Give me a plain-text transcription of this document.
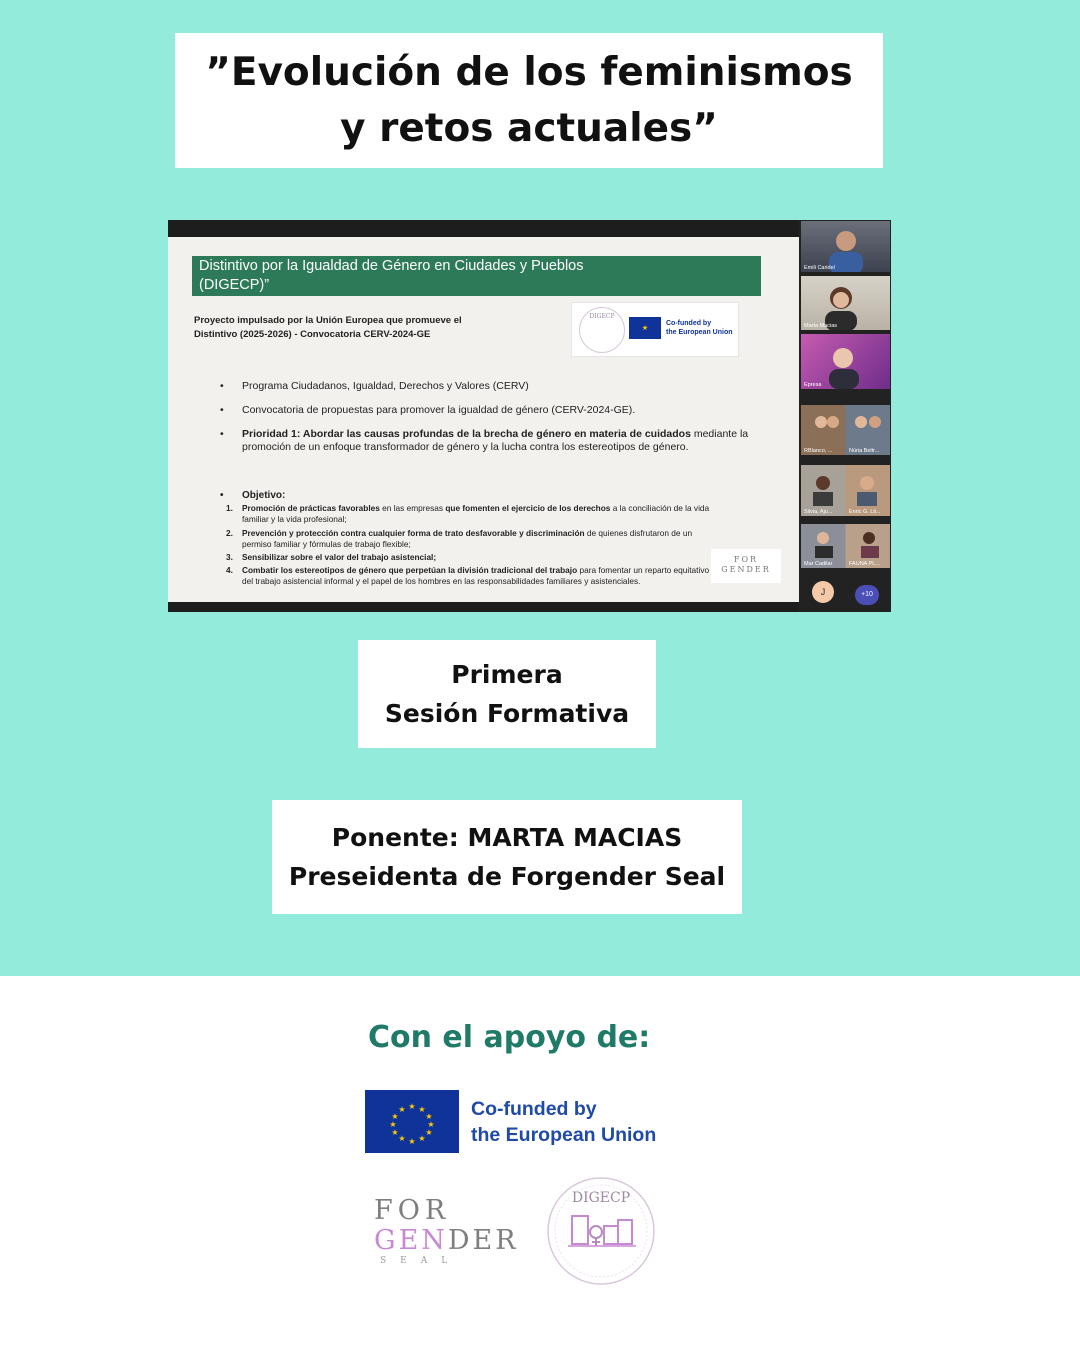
”Evolución de los feminismos
y retos actuales”
Distintivo por la Igualdad de Género en Ciudades y Pueblos
(DIGECP)”
Proyecto impulsado por la Unión Europea que promueve el
Distintivo (2025-2026) - Convocatoria CERV-2024-GE
DIGECP
★
Co-funded by
the European Union
• Programa Ciudadanos, Igualdad, Derechos y Valores (CERV)
• Convocatoria de propuestas para promover la igualdad de género (CERV-2024-GE).
• Prioridad 1: Abordar las causas profundas de la brecha de género en materia de cuidados mediante la promoción de un enfoque transformador de género y la lucha contra los estereotipos de género.
• Objetivo:
1. Promoción de prácticas favorables en las empresas que fomenten el ejercicio de los derechos a la conciliación de la vida familiar y la vida profesional;
2. Prevención y protección contra cualquier forma de trato desfavorable y discriminación de quienes disfrutaron de un permiso familiar y fórmulas de trabajo flexible;
3. Sensibilizar sobre el valor del trabajo asistencial;
4. Combatir los estereotipos de género que perpetúan la división tradicional del trabajo para fomentar un reparto equitativo del trabajo asistencial informal y el papel de los hombres en las responsabilidades familiares y asistenciales.
FOR
GENDER
Emili Caridel
Marta Macias
Epresa
RBlanco, ...	Núria Beltr...
Silvia, Aju...	Enric G. Lli...
Mar Cadilar	FAUNA PL...
J	+10
Primera
Sesión Formativa
Ponente: MARTA MACIAS
Preseidenta de Forgender Seal
Con el apoyo de:
★ ★
★
★
★
★
★
★
★
★
★
★	Co-funded by
the European Union
FOR
GENDER
SEAL
DIGECP
